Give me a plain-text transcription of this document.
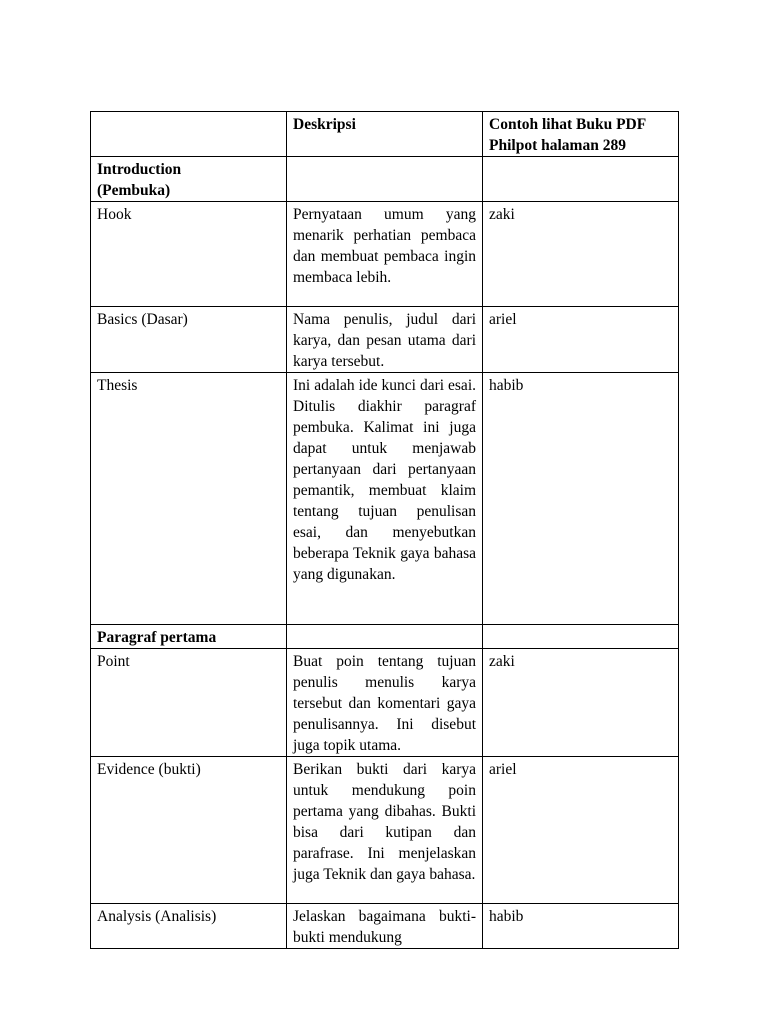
	Deskripsi	Contoh lihat Buku PDF
Philpot halaman 289
Introduction
(Pembuka)		
Hook	Pernyataan umum yang menarik perhatian pembaca dan membuat pembaca ingin membaca lebih.	zaki
Basics (Dasar)	Nama penulis, judul dari karya, dan pesan utama dari karya tersebut.	ariel
Thesis	Ini adalah ide kunci dari esai. Ditulis diakhir paragraf pembuka. Kalimat ini juga dapat untuk menjawab pertanyaan dari pertanyaan pemantik, membuat klaim tentang tujuan penulisan esai, dan menyebutkan beberapa Teknik gaya bahasa yang digunakan.	habib
Paragraf pertama		
Point	Buat poin tentang tujuan penulis menulis karya tersebut dan komentari gaya penulisannya. Ini disebut juga topik utama.	zaki
Evidence (bukti)	Berikan bukti dari karya untuk mendukung poin pertama yang dibahas. Bukti bisa dari kutipan dan parafrase. Ini menjelaskan juga Teknik dan gaya bahasa.	ariel
Analysis (Analisis)	Jelaskan bagaimana bukti-bukti mendukung	habib
